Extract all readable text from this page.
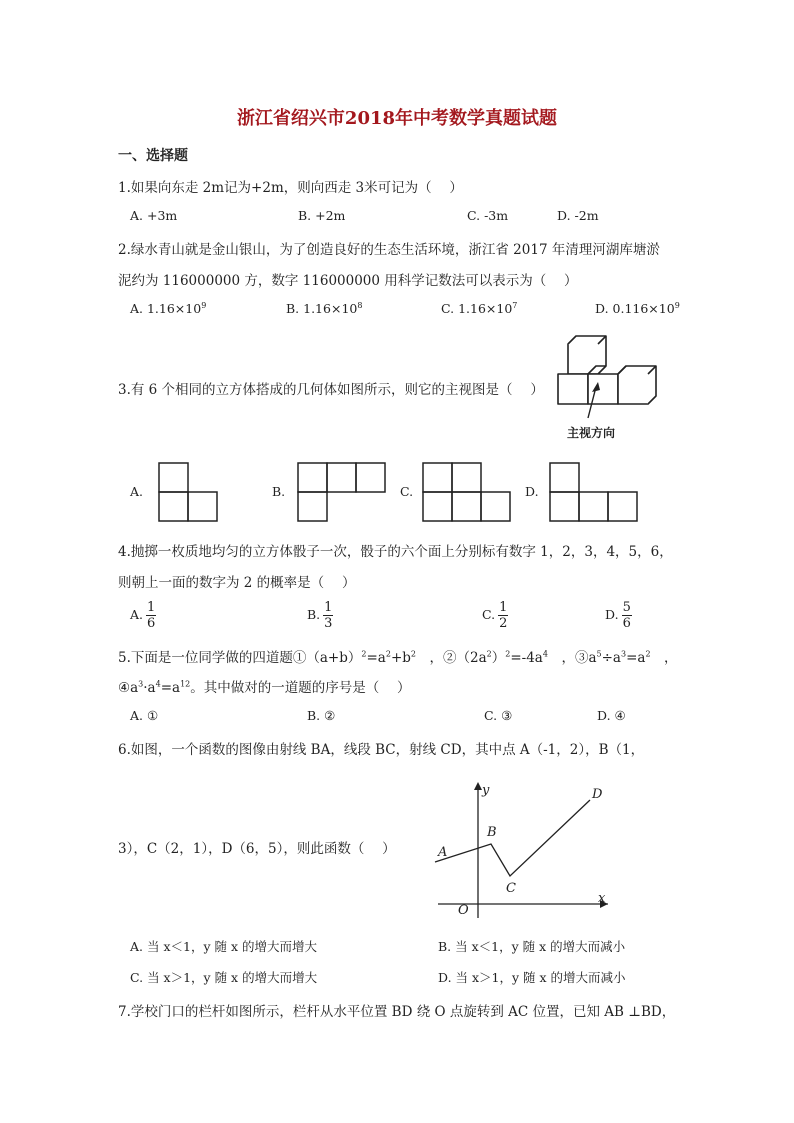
浙江省绍兴市2018年中考数学真题试题
一、选择题
1.如果向东走 2m记为+2m，则向西走 3米可记为（　 ）
A. +3m	B. +2m	C. -3m	D. -2m
2.绿水青山就是金山银山，为了创造良好的生态生活环境，浙江省 2017 年清理河湖库塘淤
泥约为 116000000 方，数字 116000000 用科学记数法可以表示为（　 ）
A. $1.16\times 10^9$	B. $1.16\times 10^8$	C. $1.16\times 10^7$	D. $0.116\times 10^9$
3.有 6 个相同的立方体搭成的几何体如图所示，则它的主视图是（　 ）
主视方向
A.	B.	C.	D.
4.抛掷一枚质地均匀的立方体骰子一次，骰子的六个面上分别标有数字 1，2，3，4，5，6，
则朝上一面的数字为 2 的概率是（　 ）
A. $\frac{1}{6}$	B. $\frac{1}{3}$	C. $\frac{1}{2}$	D. $\frac{5}{6}$
5.下面是一位同学做的四道题$①(a+b)^2=a^2+b^2$　，$②(2a^2)^2=-4a^4$　，$③a^5\div a^3=a^2$　，
$④a^3\cdot a^4=a^{12}$。其中做对的一道题的序号是（　 ）
A. ①	B. ②	C. ③	D. ④
6.如图，一个函数的图像由射线 BA，线段 BC，射线 CD，其中点 A（-1，2），B（1，
3），C（2，1），D（6，5），则此函数（　 ）
y
x
O
A
B
C
D
A. 当 x＜1，y 随 x 的增大而增大	B. 当 x＜1，y 随 x 的增大而减小
C. 当 x＞1，y 随 x 的增大而增大	D. 当 x＞1，y 随 x 的增大而减小
7.学校门口的栏杆如图所示，栏杆从水平位置 BD 绕 O 点旋转到 AC 位置，已知 AB ⊥BD，
